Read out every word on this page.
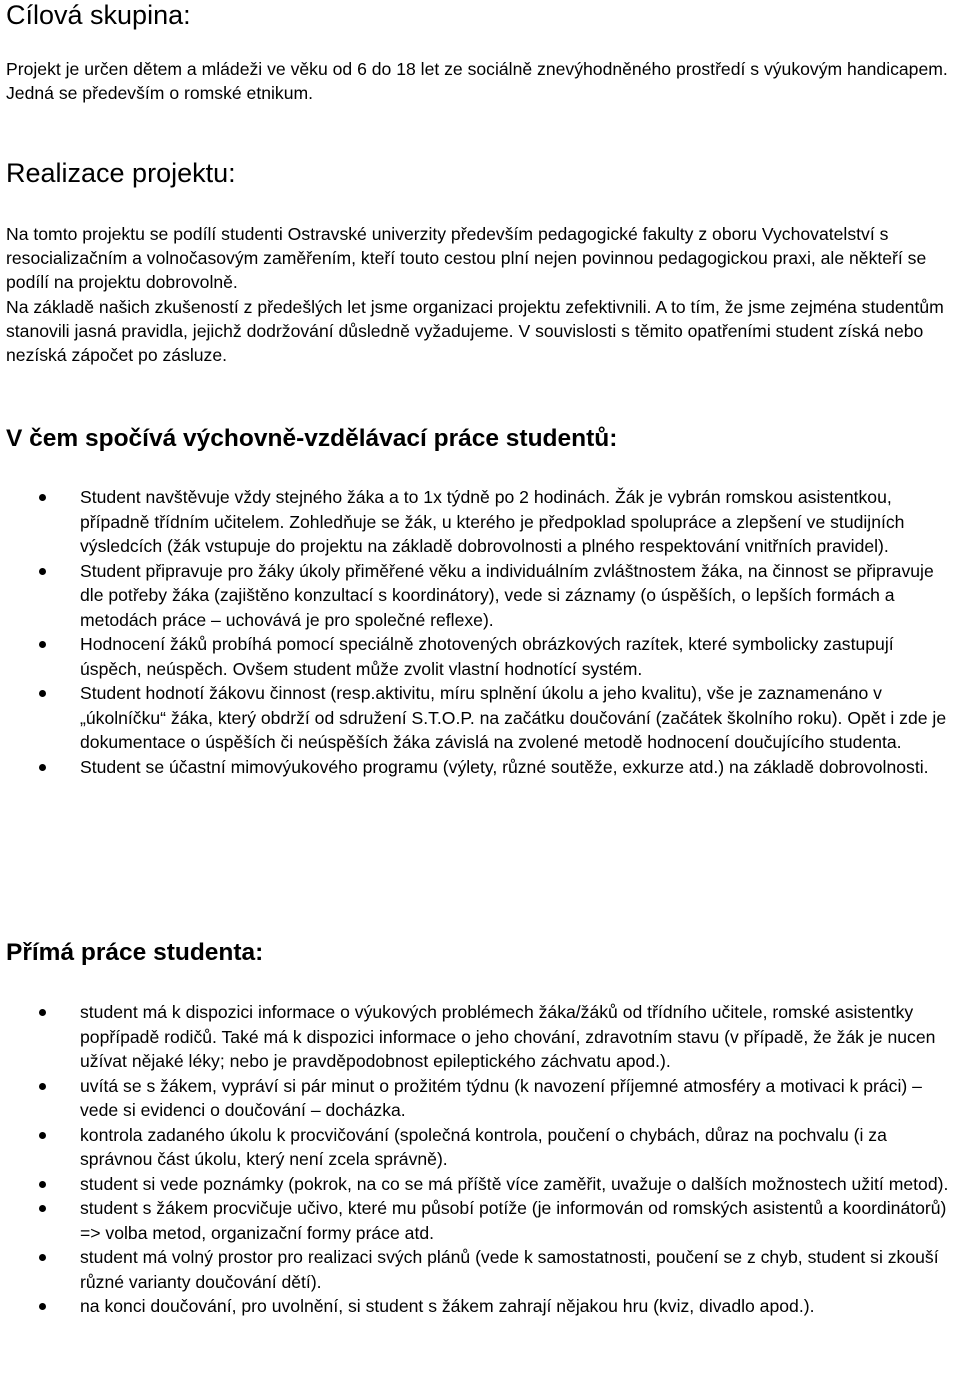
Cílová skupina:

Projekt je určen dětem a mládeži ve věku od 6 do 18 let ze sociálně znevýhodněného prostředí s výukovým handicapem. Jedná se především o romské etnikum.

Realizace projektu:

Na tomto projektu se podílí studenti Ostravské univerzity především pedagogické fakulty z oboru Vychovatelství s resocializačním a volnočasovým zaměřením, kteří touto cestou plní nejen povinnou pedagogickou praxi, ale někteří se podílí na projektu dobrovolně.

Na základě našich zkušeností z předešlých let jsme organizaci projektu zefektivnili. A to tím, že jsme zejména studentům stanovili jasná pravidla, jejichž dodržování důsledně vyžadujeme. V souvislosti s těmito opatřeními student získá nebo nezíská zápočet po zásluze.

V čem spočívá výchovně-vzdělávací práce studentů:
Student navštěvuje vždy stejného žáka a to 1x týdně po 2 hodinách. Žák je vybrán romskou asistentkou, případně třídním učitelem. Zohledňuje se žák, u kterého je předpoklad spolupráce a zlepšení ve studijních výsledcích (žák vstupuje do projektu na základě dobrovolnosti a plného respektování vnitřních pravidel).
Student připravuje pro žáky úkoly přiměřené věku a individuálním zvláštnostem žáka, na činnost se připravuje dle potřeby žáka (zajištěno konzultací s koordinátory), vede si záznamy (o úspěších, o lepších formách a metodách práce – uchovává je pro společné reflexe).
Hodnocení žáků probíhá pomocí speciálně zhotovených obrázkových razítek, které symbolicky zastupují úspěch, neúspěch. Ovšem student může zvolit vlastní hodnotící systém.
Student hodnotí žákovu činnost (resp.aktivitu, míru splnění úkolu a jeho kvalitu), vše je zaznamenáno v „úkolníčku“ žáka, který obdrží od sdružení S.T.O.P. na začátku doučování (začátek školního roku). Opět i zde je dokumentace o úspěších či neúspěších žáka závislá na zvolené metodě hodnocení doučujícího studenta.
Student se účastní mimovýukového programu (výlety, různé soutěže, exkurze atd.) na základě dobrovolnosti.
Přímá práce studenta:
student má k dispozici informace o výukových problémech žáka/žáků od třídního učitele, romské asistentky popřípadě rodičů. Také má k dispozici informace o jeho chování, zdravotním stavu (v případě, že žák je nucen užívat nějaké léky; nebo je pravděpodobnost epileptického záchvatu apod.).
uvítá se s žákem, vypráví si pár minut o prožitém týdnu (k navození příjemné atmosféry a motivaci k práci) – vede si evidenci o doučování – docházka.
kontrola zadaného úkolu k procvičování (společná kontrola, poučení o chybách, důraz na pochvalu (i za správnou část úkolu, který není zcela správně).
student si vede poznámky (pokrok, na co se má příště více zaměřit, uvažuje o dalších možnostech užití metod).
student s žákem procvičuje učivo, které mu působí potíže (je informován od romských asistentů a koordinátorů) => volba metod, organizační formy práce atd.
student má volný prostor pro realizaci svých plánů (vede k samostatnosti, poučení se z chyb, student si zkouší různé varianty doučování dětí).
na konci doučování, pro uvolnění, si student s žákem zahrají nějakou hru (kviz, divadlo apod.).
